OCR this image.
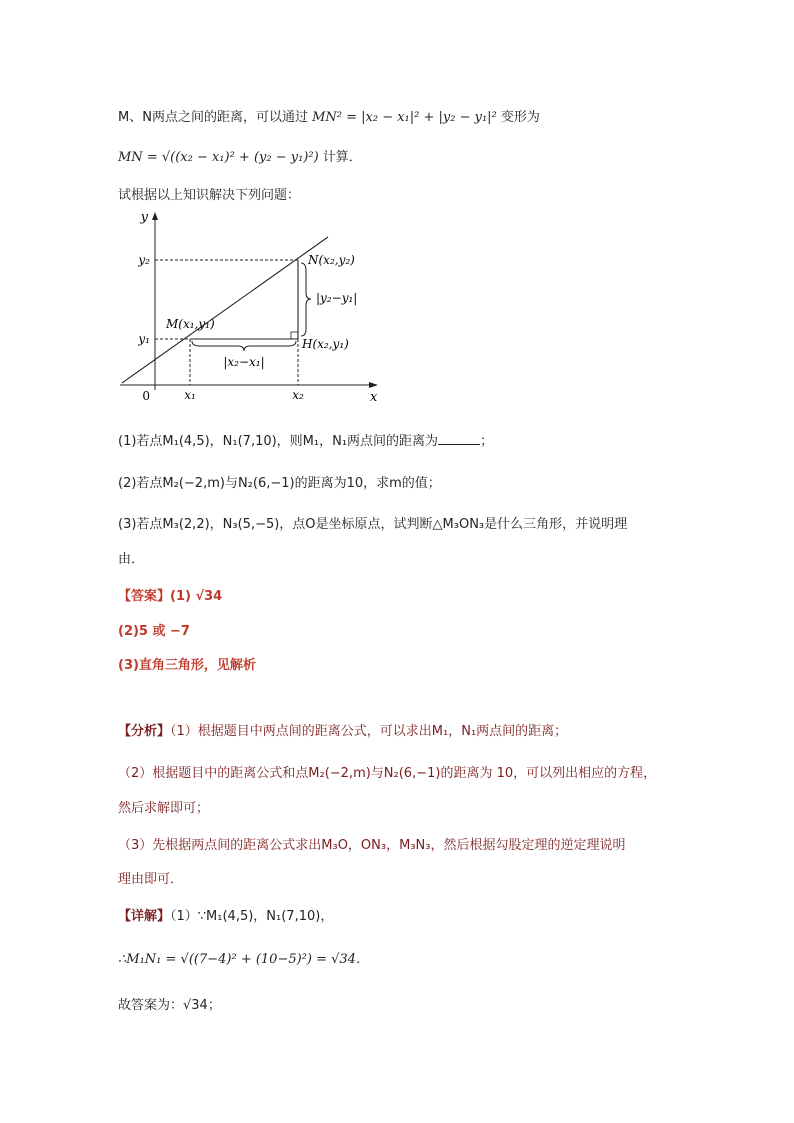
M、N两点之间的距离，可以通过 MN² = |x₂ − x₁|² + |y₂ − y₁|² 变形为
MN = √((x₂ − x₁)² + (y₂ − y₁)²) 计算．
试根据以上知识解决下列问题：
y
x
0
y₂
y₁
x₁	x₂
M(x₁,y₁)
N(x₂,y₂)
H(x₂,y₁)
|y₂−y₁|
|x₂−x₁|
(1)若点M₁(4,5)，N₁(7,10)，则M₁，N₁两点间的距离为	；
(2)若点M₂(−2,m)与N₂(6,−1)的距离为10，求m的值；
(3)若点M₃(2,2)，N₃(5,−5)，点O是坐标原点，试判断△M₃ON₃是什么三角形，并说明理
由．
【答案】(1) √34
(2)5 或 −7
(3)直角三角形，见解析
【分析】（1）根据题目中两点间的距离公式，可以求出M₁，N₁两点间的距离；
（2）根据题目中的距离公式和点M₂(−2,m)与N₂(6,−1)的距离为 10，可以列出相应的方程，
然后求解即可；
（3）先根据两点间的距离公式求出M₃O，ON₃，M₃N₃，然后根据勾股定理的逆定理说明
理由即可．
【详解】（1）∵M₁(4,5)，N₁(7,10)，
∴M₁N₁ = √((7−4)² + (10−5)²) = √34．
故答案为：√34；
